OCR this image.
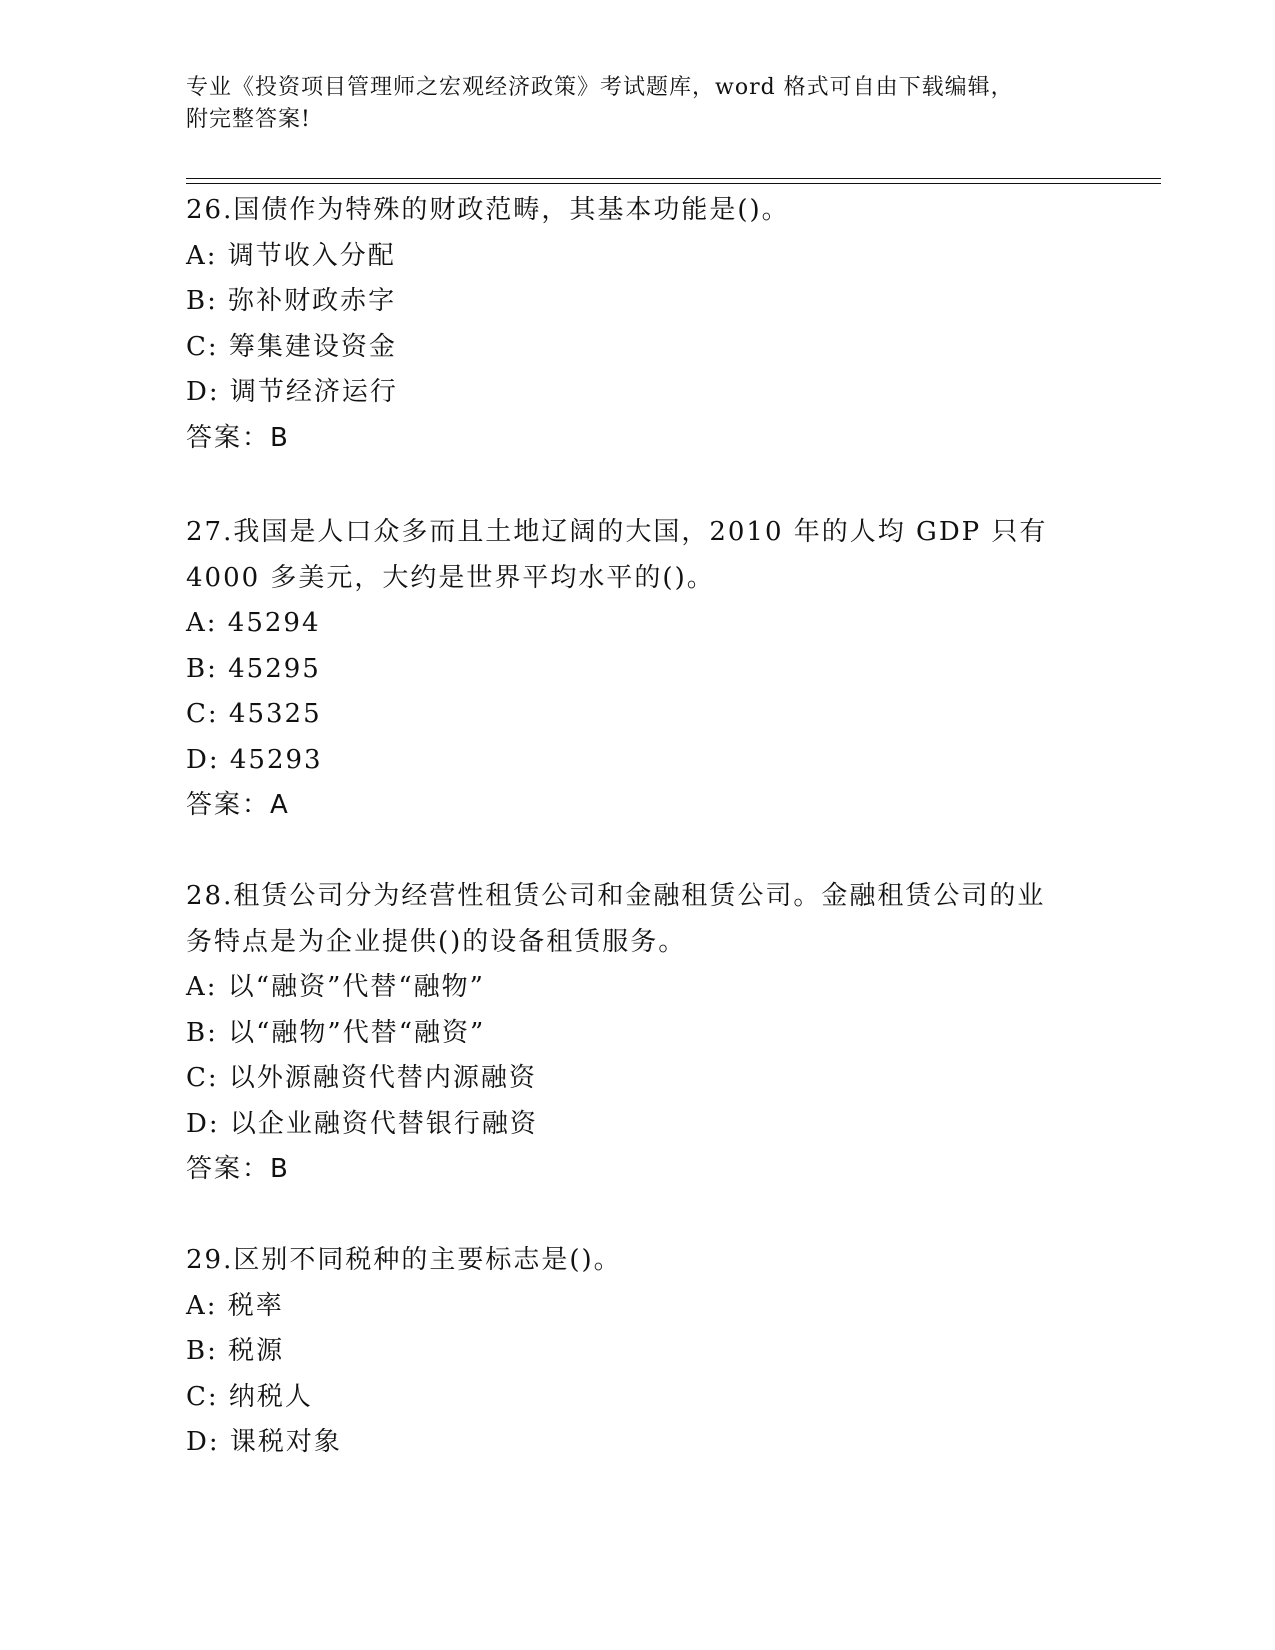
专业《投资项目管理师之宏观经济政策》考试题库，word 格式可自由下载编辑，
附完整答案!
26.国债作为特殊的财政范畴，其基本功能是()。
A: 调节收入分配
B: 弥补财政赤字
C: 筹集建设资金
D: 调节经济运行
答案：B
27.我国是人口众多而且土地辽阔的大国，2010 年的人均 GDP 只有
4000 多美元，大约是世界平均水平的()。
A: 45294
B: 45295
C: 45325
D: 45293
答案：A
28.租赁公司分为经营性租赁公司和金融租赁公司。金融租赁公司的业
务特点是为企业提供()的设备租赁服务。
A: 以“融资”代替“融物”
B: 以“融物”代替“融资”
C: 以外源融资代替内源融资
D: 以企业融资代替银行融资
答案：B
29.区别不同税种的主要标志是()。
A: 税率
B: 税源
C: 纳税人
D: 课税对象
